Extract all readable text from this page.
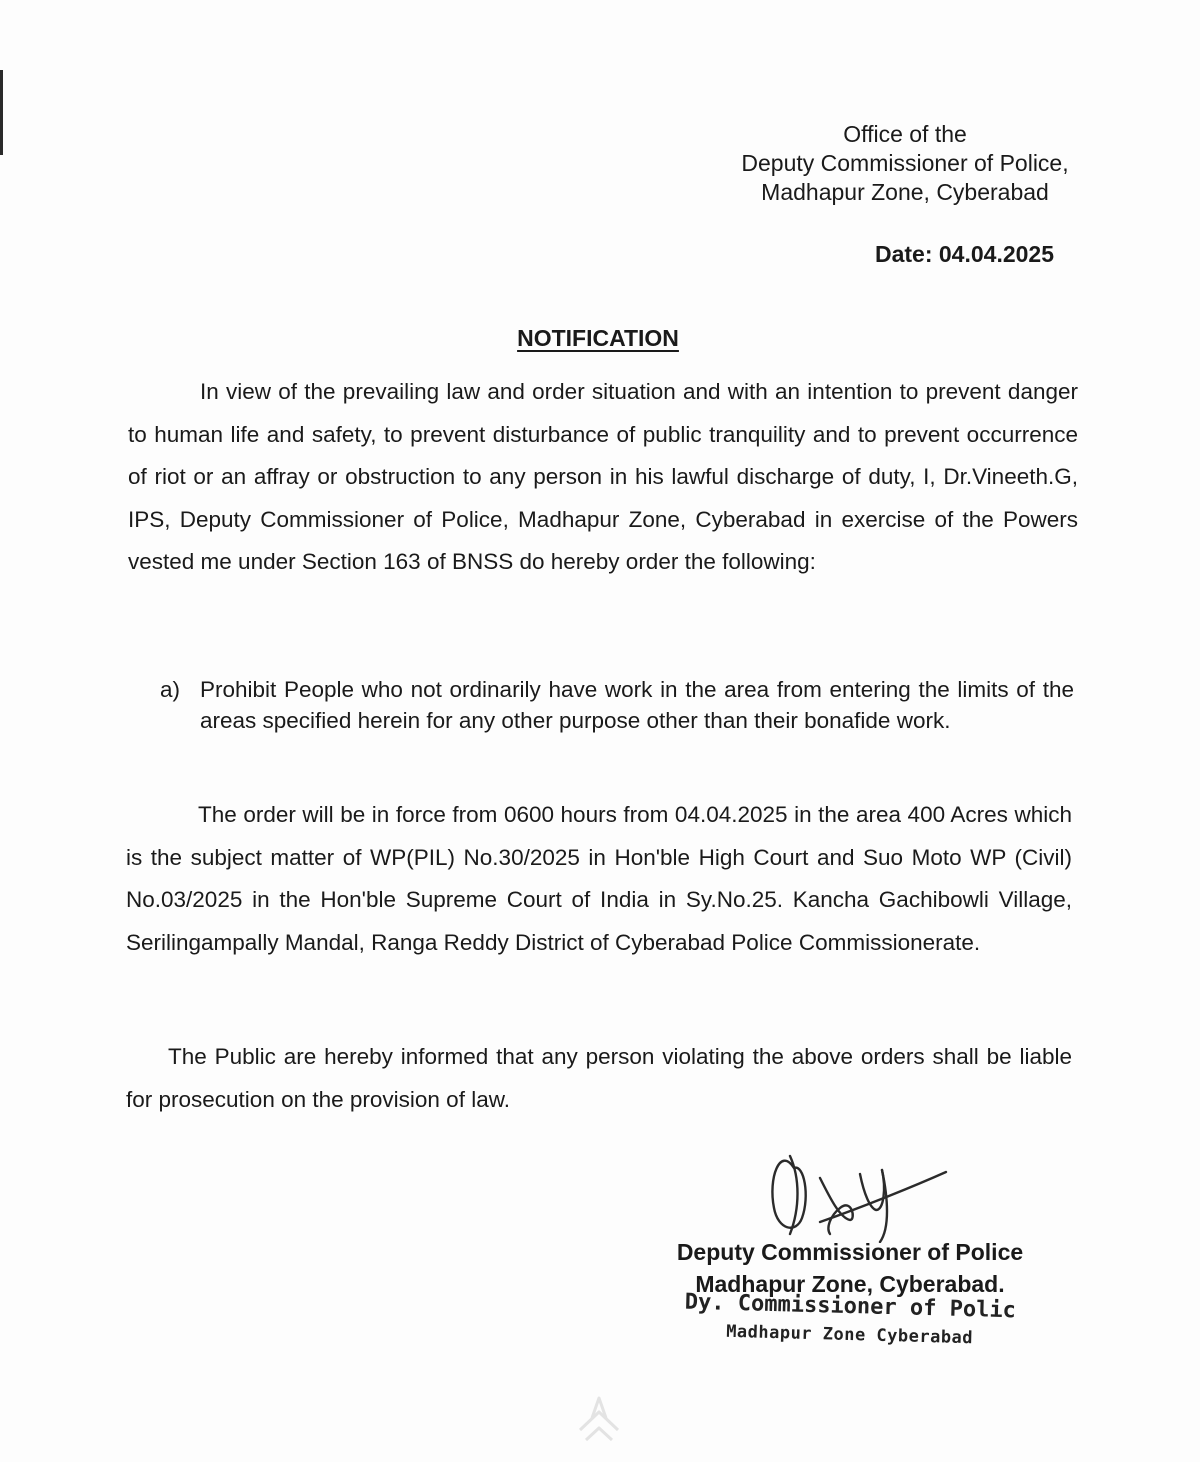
Office of the
Deputy Commissioner of Police,
Madhapur Zone, Cyberabad
Date: 04.04.2025
NOTIFICATION

In view of the prevailing law and order situation and with an intention to prevent danger to human life and safety, to prevent disturbance of public tranquility and to prevent occurrence of riot or an affray or obstruction to any person in his lawful discharge of duty, I, Dr.Vineeth.G, IPS, Deputy Commissioner of Police, Madhapur Zone, Cyberabad in exercise of the Powers vested me under Section 163 of BNSS do hereby order the following:

a) Prohibit People who not ordinarily have work in the area from entering the limits of the areas specified herein for any other purpose other than their bonafide work.

The order will be in force from 0600 hours from 04.04.2025 in the area 400 Acres which is the subject matter of WP(PIL) No.30/2025 in Hon'ble High Court and Suo Moto WP (Civil) No.03/2025 in the Hon'ble Supreme Court of India in Sy.No.25. Kancha Gachibowli Village, Serilingampally Mandal, Ranga Reddy District of Cyberabad Police Commissionerate.

The Public are hereby informed that any person violating the above orders shall be liable for prosecution on the provision of law.

Deputy Commissioner of Police
Madhapur Zone, Cyberabad.
Dy. Commissioner of Polic
Madhapur Zone Cyberabad
